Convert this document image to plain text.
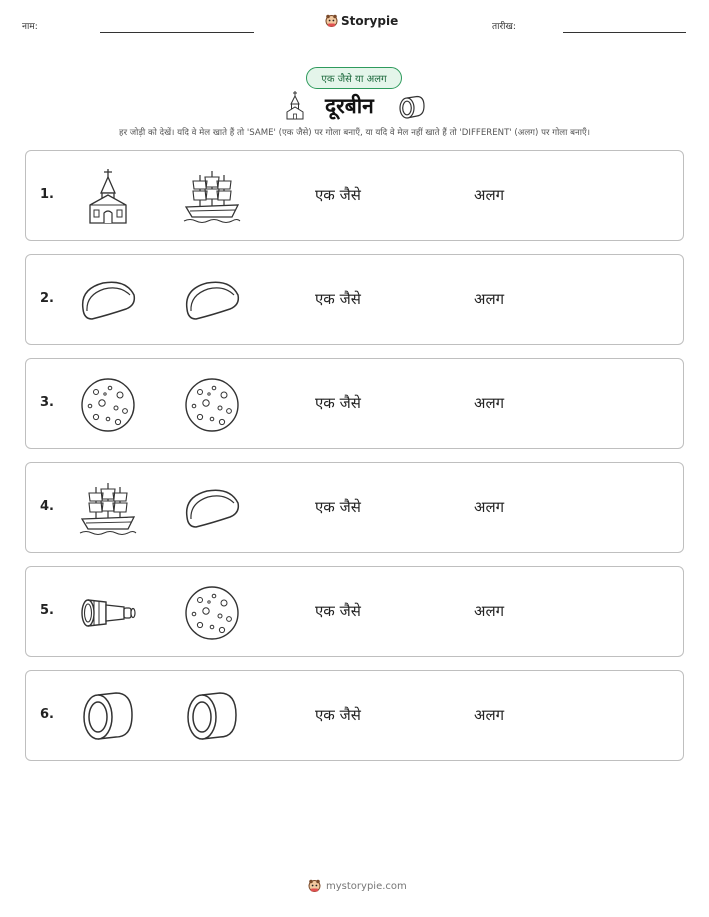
नाम:	Storypie	तारीख:
एक जैसे या अलग
दूरबीन
हर जोड़ी को देखें। यदि वे मेल खाते हैं तो 'SAME' (एक जैसे) पर गोला बनाएँ, या यदि वे मेल नहीं खाते हैं तो 'DIFFERENT' (अलग) पर गोला बनाएँ।
1.	एक जैसे	अलग
2.	एक जैसे	अलग
3.	एक जैसे	अलग
4.	एक जैसे	अलग
5.	एक जैसे	अलग
6.	एक जैसे	अलग
mystorypie.com
